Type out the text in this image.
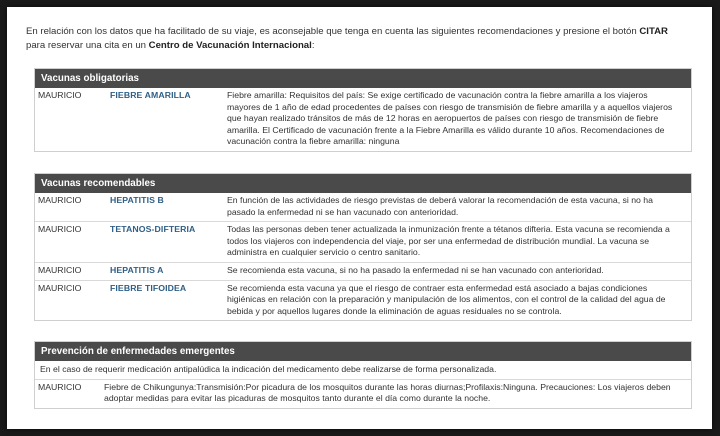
En relación con los datos que ha facilitado de su viaje, es aconsejable que tenga en cuenta las siguientes recomendaciones y presione el botón CITAR
para reservar una cita en un Centro de Vacunación Internacional:
Vacunas obligatorias
MAURICIO	FIEBRE AMARILLA	Fiebre amarilla: Requisitos del país: Se exige certificado de vacunación contra la fiebre amarilla a los viajeros mayores de 1 año de edad procedentes de países con riesgo de transmisión de fiebre amarilla y a aquellos viajeros que hayan realizado tránsitos de más de 12 horas en aeropuertos de países con riesgo de transmisión de fiebre amarilla. El Certificado de vacunación frente a la Fiebre Amarilla es válido durante 10 años. Recomendaciones de vacunación contra la fiebre amarilla: ninguna
Vacunas recomendables
MAURICIO	HEPATITIS B	En función de las actividades de riesgo previstas de deberá valorar la recomendación de esta vacuna, si no ha pasado la enfermedad ni se han vacunado con anterioridad.
MAURICIO	TETANOS-DIFTERIA	Todas las personas deben tener actualizada la inmunización frente a tétanos difteria. Esta vacuna se recomienda a todos los viajeros con independencia del viaje, por ser una enfermedad de distribución mundial. La vacuna se administra en cualquier servicio o centro sanitario.
MAURICIO	HEPATITIS A	Se recomienda esta vacuna, si no ha pasado la enfermedad ni se han vacunado con anterioridad.
MAURICIO	FIEBRE TIFOIDEA	Se recomienda esta vacuna ya que el riesgo de contraer esta enfermedad está asociado a bajas condiciones higiénicas en relación con la preparación y manipulación de los alimentos, con el control de la calidad del agua de bebida y por aquellos lugares donde la eliminación de aguas residuales no se controla.
Prevención de enfermedades emergentes
En el caso de requerir medicación antipalúdica la indicación del medicamento debe realizarse de forma personalizada.
MAURICIO	Fiebre de Chikungunya:Transmisión:Por picadura de los mosquitos durante las horas diurnas;Profilaxis:Ninguna. Precauciones: Los viajeros deben adoptar medidas para evitar las picaduras de mosquitos tanto durante el día como durante la noche.
